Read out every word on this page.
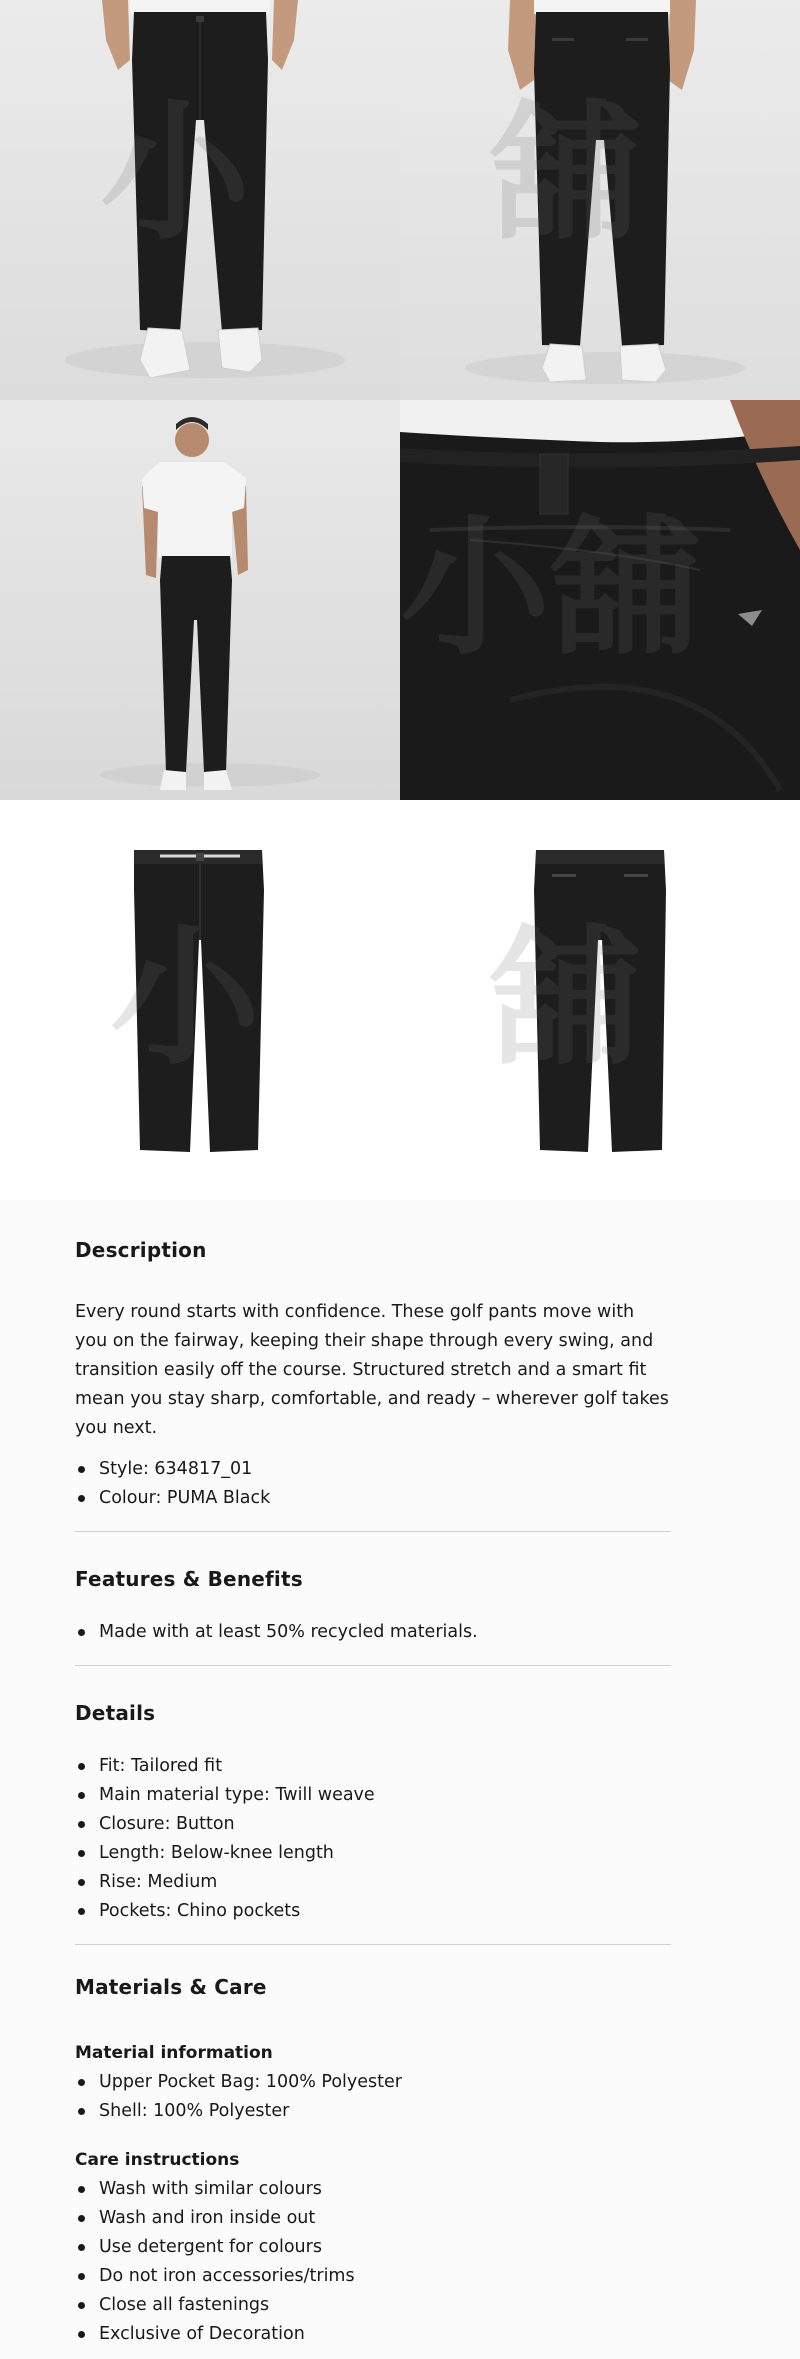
小 舖
小 舖
小 舖
Description

Every round starts with confidence. These golf pants move with you on the fairway, keeping their shape through every swing, and transition easily off the course. Structured stretch and a smart fit mean you stay sharp, comfortable, and ready – wherever golf takes you next.

Style: 634817_01
Colour: PUMA Black
Features & Benefits
Made with at least 50% recycled materials.
Details
Fit: Tailored fit
Main material type: Twill weave
Closure: Button
Length: Below-knee length
Rise: Medium
Pockets: Chino pockets
Materials & Care
Material information
Upper Pocket Bag: 100% Polyester
Shell: 100% Polyester
Care instructions
Wash with similar colours
Wash and iron inside out
Use detergent for colours
Do not iron accessories/trims
Close all fastenings
Exclusive of Decoration
